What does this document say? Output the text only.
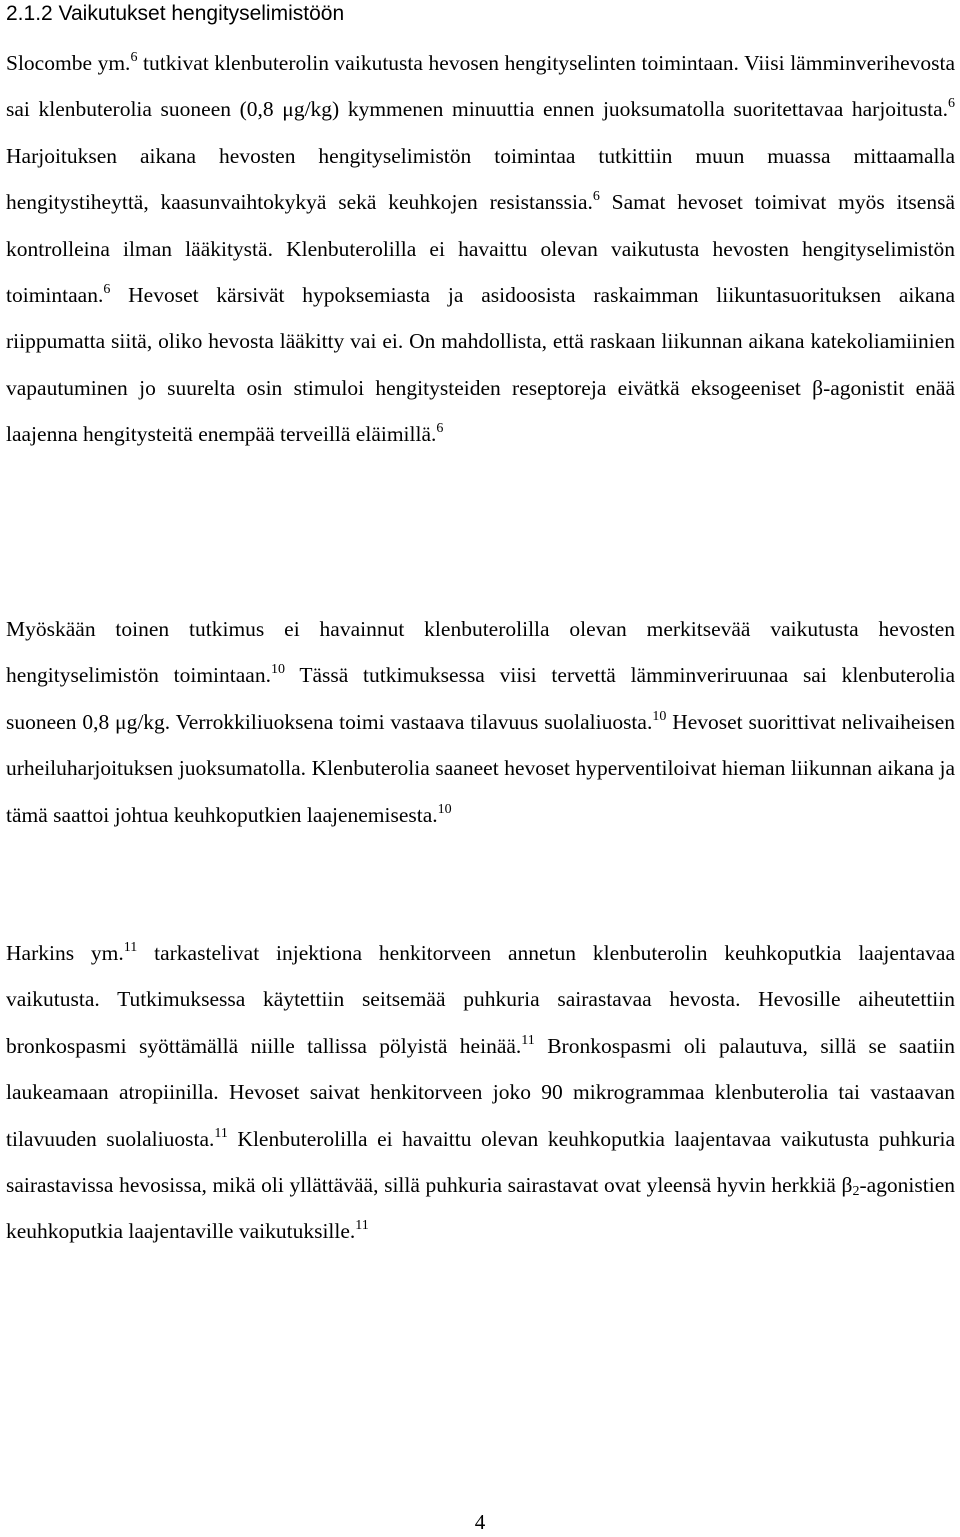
2.1.2 Vaikutukset hengityselimistöön

Slocombe ym.$^6$ tutkivat klenbuterolin vaikutusta hevosen hengityselinten toimintaan. Viisi lämminverihevosta sai klenbuterolia suoneen (0,8 μg/kg) kymmenen minuuttia ennen juoksumatolla suoritettavaa harjoitusta.$^6$ Harjoituksen aikana hevosten hengityselimistön toimintaa tutkittiin muun muassa mittaamalla hengitystiheyttä, kaasunvaihtokykyä sekä keuhkojen resistanssia.$^6$ Samat hevoset toimivat myös itsensä kontrolleina ilman lääkitystä. Klenbuterolilla ei havaittu olevan vaikutusta hevosten hengityselimistön toimintaan.$^6$ Hevoset kärsivät hypoksemiasta ja asidoosista raskaimman liikuntasuorituksen aikana riippumatta siitä, oliko hevosta lääkitty vai ei. On mahdollista, että raskaan liikunnan aikana katekoliamiinien vapautuminen jo suurelta osin stimuloi hengitysteiden reseptoreja eivätkä eksogeeniset β-agonistit enää laajenna hengitysteitä enempää terveillä eläimillä.$^6$

Myöskään toinen tutkimus ei havainnut klenbuterolilla olevan merkitsevää vaikutusta hevosten hengityselimistön toimintaan.$^{10}$ Tässä tutkimuksessa viisi tervettä lämminveriruunaa sai klenbuterolia suoneen 0,8 μg/kg. Verrokkiliuoksena toimi vastaava tilavuus suolaliuosta.$^{10}$ Hevoset suorittivat nelivaiheisen urheiluharjoituksen juoksumatolla. Klenbuterolia saaneet hevoset hyperventiloivat hieman liikunnan aikana ja tämä saattoi johtua keuhkoputkien laajenemisesta.$^{10}$

Harkins ym.$^{11}$ tarkastelivat injektiona henkitorveen annetun klenbuterolin keuhkoputkia laajentavaa vaikutusta. Tutkimuksessa käytettiin seitsemää puhkuria sairastavaa hevosta. Hevosille aiheutettiin bronkospasmi syöttämällä niille tallissa pölyistä heinää.$^{11}$ Bronkospasmi oli palautuva, sillä se saatiin laukeamaan atropiinilla. Hevoset saivat henkitorveen joko 90 mikrogrammaa klenbuterolia tai vastaavan tilavuuden suolaliuosta.$^{11}$ Klenbuterolilla ei havaittu olevan keuhkoputkia laajentavaa vaikutusta puhkuria sairastavissa hevosissa, mikä oli yllättävää, sillä puhkuria sairastavat ovat yleensä hyvin herkkiä $\beta_2$-agonistien keuhkoputkia laajentaville vaikutuksille.$^{11}$

4
